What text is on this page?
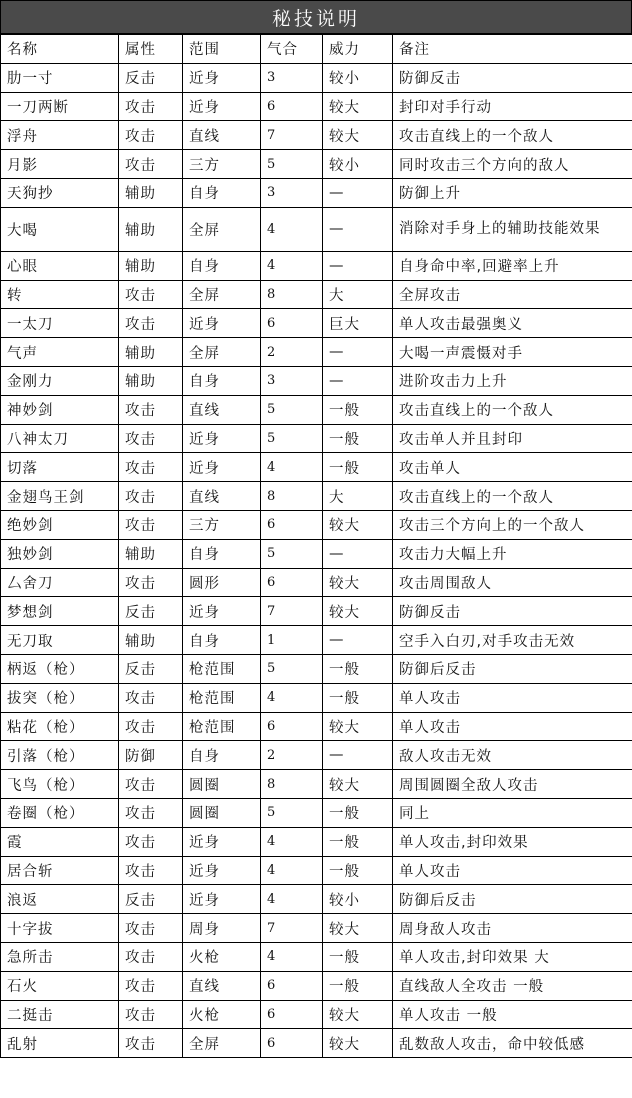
秘技说明
名称	属性	范围	气合	威力	备注
肋一寸	反击	近身	3	较小	防御反击
一刀两断	攻击	近身	6	较大	封印对手行动
浮舟	攻击	直线	7	较大	攻击直线上的一个敌人
月影	攻击	三方	5	较小	同时攻击三个方向的敌人
天狗抄	辅助	自身	3	—	防御上升
大喝	辅助	全屏	4	—	消除对手身上的辅助技能效果
心眼	辅助	自身	4	—	自身命中率,回避率上升
转	攻击	全屏	8	大	全屏攻击
一太刀	攻击	近身	6	巨大	单人攻击最强奥义
气声	辅助	全屏	2	—	大喝一声震慑对手
金刚力	辅助	自身	3	—	进阶攻击力上升
神妙剑	攻击	直线	5	一般	攻击直线上的一个敌人
八神太刀	攻击	近身	5	一般	攻击单人并且封印
切落	攻击	近身	4	一般	攻击单人
金翅鸟王剑	攻击	直线	8	大	攻击直线上的一个敌人
绝妙剑	攻击	三方	6	较大	攻击三个方向上的一个敌人
独妙剑	辅助	自身	5	—	攻击力大幅上升
厶舍刀	攻击	圆形	6	较大	攻击周围敌人
梦想剑	反击	近身	7	较大	防御反击
无刀取	辅助	自身	1	—	空手入白刃,对手攻击无效
柄返（枪）	反击	枪范围	5	一般	防御后反击
拔突（枪）	攻击	枪范围	4	一般	单人攻击
粘花（枪）	攻击	枪范围	6	较大	单人攻击
引落（枪）	防御	自身	2	—	敌人攻击无效
飞鸟（枪）	攻击	圆圈	8	较大	周围圆圈全敌人攻击
卷圈（枪）	攻击	圆圈	5	一般	同上
霞	攻击	近身	4	一般	单人攻击,封印效果
居合斩	攻击	近身	4	一般	单人攻击
浪返	反击	近身	4	较小	防御后反击
十字拔	攻击	周身	7	较大	周身敌人攻击
急所击	攻击	火枪	4	一般	单人攻击,封印效果 大
石火	攻击	直线	6	一般	直线敌人全攻击 一般
二挺击	攻击	火枪	6	较大	单人攻击 一般
乱射	攻击	全屏	6	较大	乱数敌人攻击，命中较低感
